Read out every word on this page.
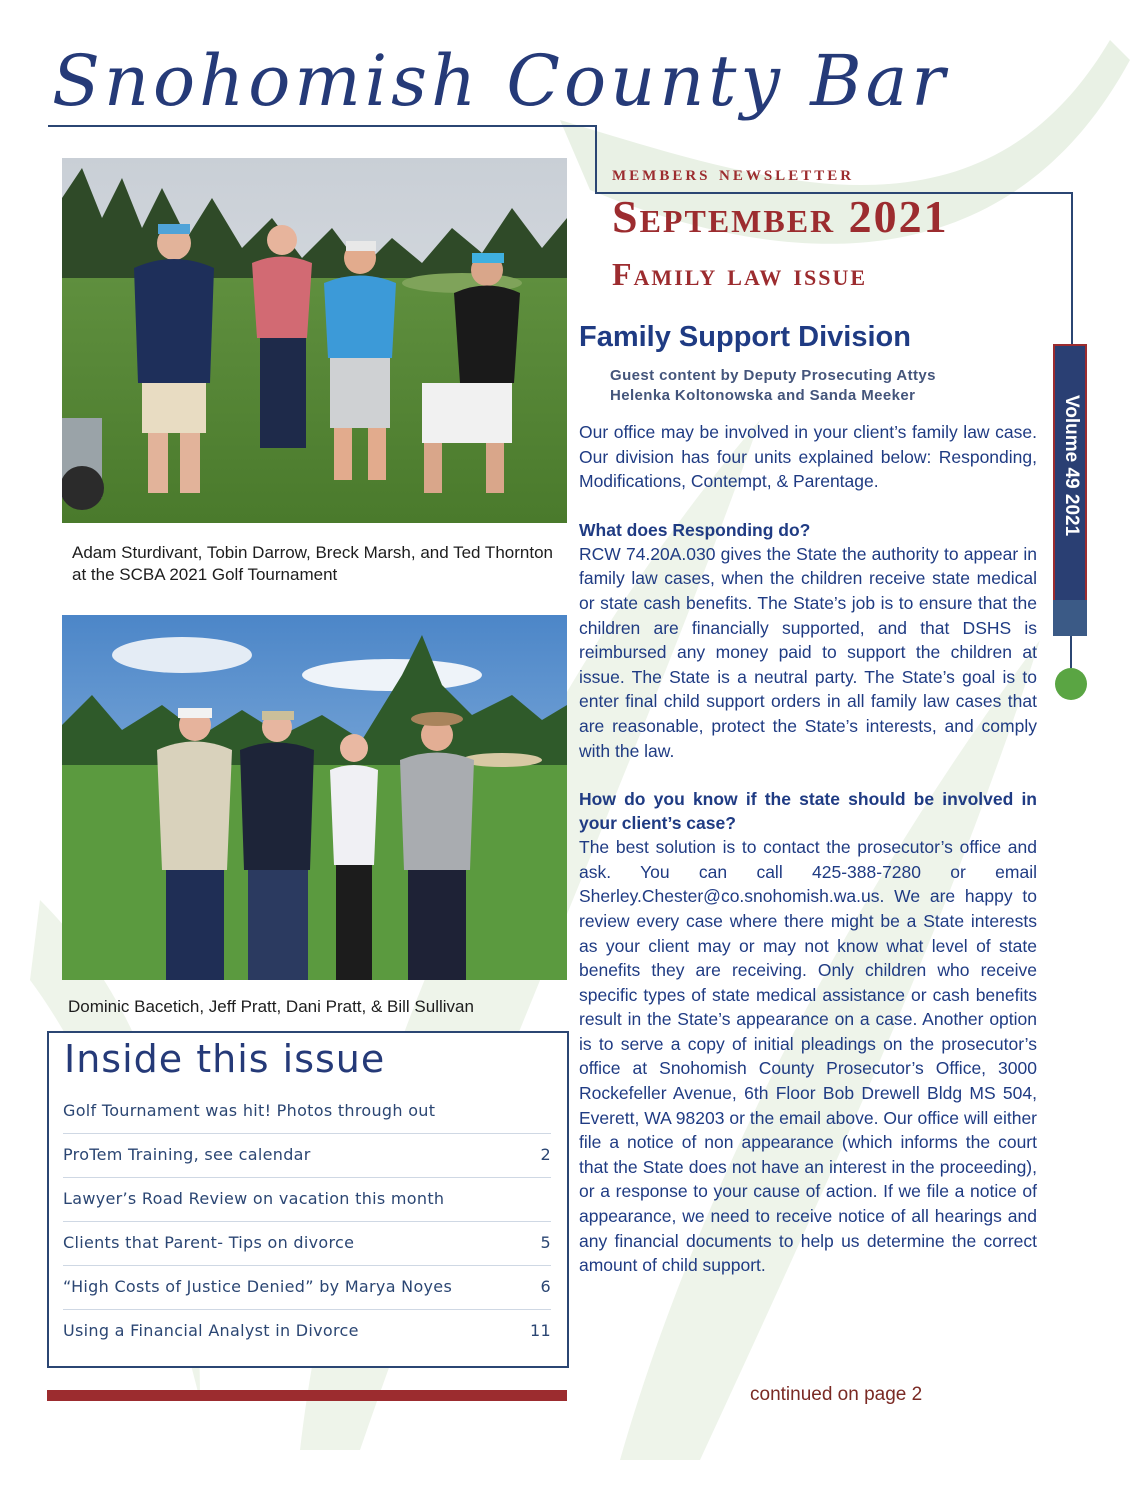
Snohomish County Bar
members newsletter
September 2021
Family law issue
Volume 49 2021
Adam Sturdivant, Tobin Darrow, Breck Marsh, and Ted Thornton at the SCBA 2021 Golf Tournament
Dominic Bacetich, Jeff Pratt, Dani Pratt, & Bill Sullivan
Inside this issue
Golf Tournament was hit! Photos through out
ProTem Training, see calendar	2
Lawyer’s Road Review on vacation this month
Clients that Parent- Tips on divorce	5
“High Costs of Justice Denied” by Marya Noyes	6
Using a Financial Analyst in Divorce	11
Family Support Division
Guest content by Deputy Prosecuting Attys
Helenka Koltonowska and Sanda Meeker

Our office may be involved in your client’s family law case. Our division has four units explained below: Responding, Modifications, Contempt, & Parentage.

What does Responding do?

RCW 74.20A.030 gives the State the authority to appear in family law cases, when the children receive state medical or state cash benefits. The State’s job is to ensure that the children are financially supported, and that DSHS is reimbursed any money paid to support the children at issue. The State is a neutral party. The State’s goal is to enter final child support orders in all family law cases that are reasonable, protect the State’s interests, and comply with the law.

How do you know if the state should be involved in your client’s case?

The best solution is to contact the prosecutor’s office and ask. You can call 425-388-7280 or email Sherley.Chester@co.snohomish.wa.us. We are happy to review every case where there might be a State interests as your client may or may not know what level of state benefits they are receiving. Only children who receive specific types of state medical assistance or cash benefits result in the State’s appearance on a case. Another option is to serve a copy of initial pleadings on the prosecutor’s office at Snohomish County Prosecutor’s Office, 3000 Rockefeller Avenue, 6th Floor Bob Drewell Bldg MS 504, Everett, WA 98203 or the email above. Our office will either file a notice of non appearance (which informs the court that the State does not have an interest in the proceeding), or a response to your cause of action. If we file a notice of appearance, we need to receive notice of all hearings and any financial documents to help us determine the correct amount of child support.

continued on page 2
